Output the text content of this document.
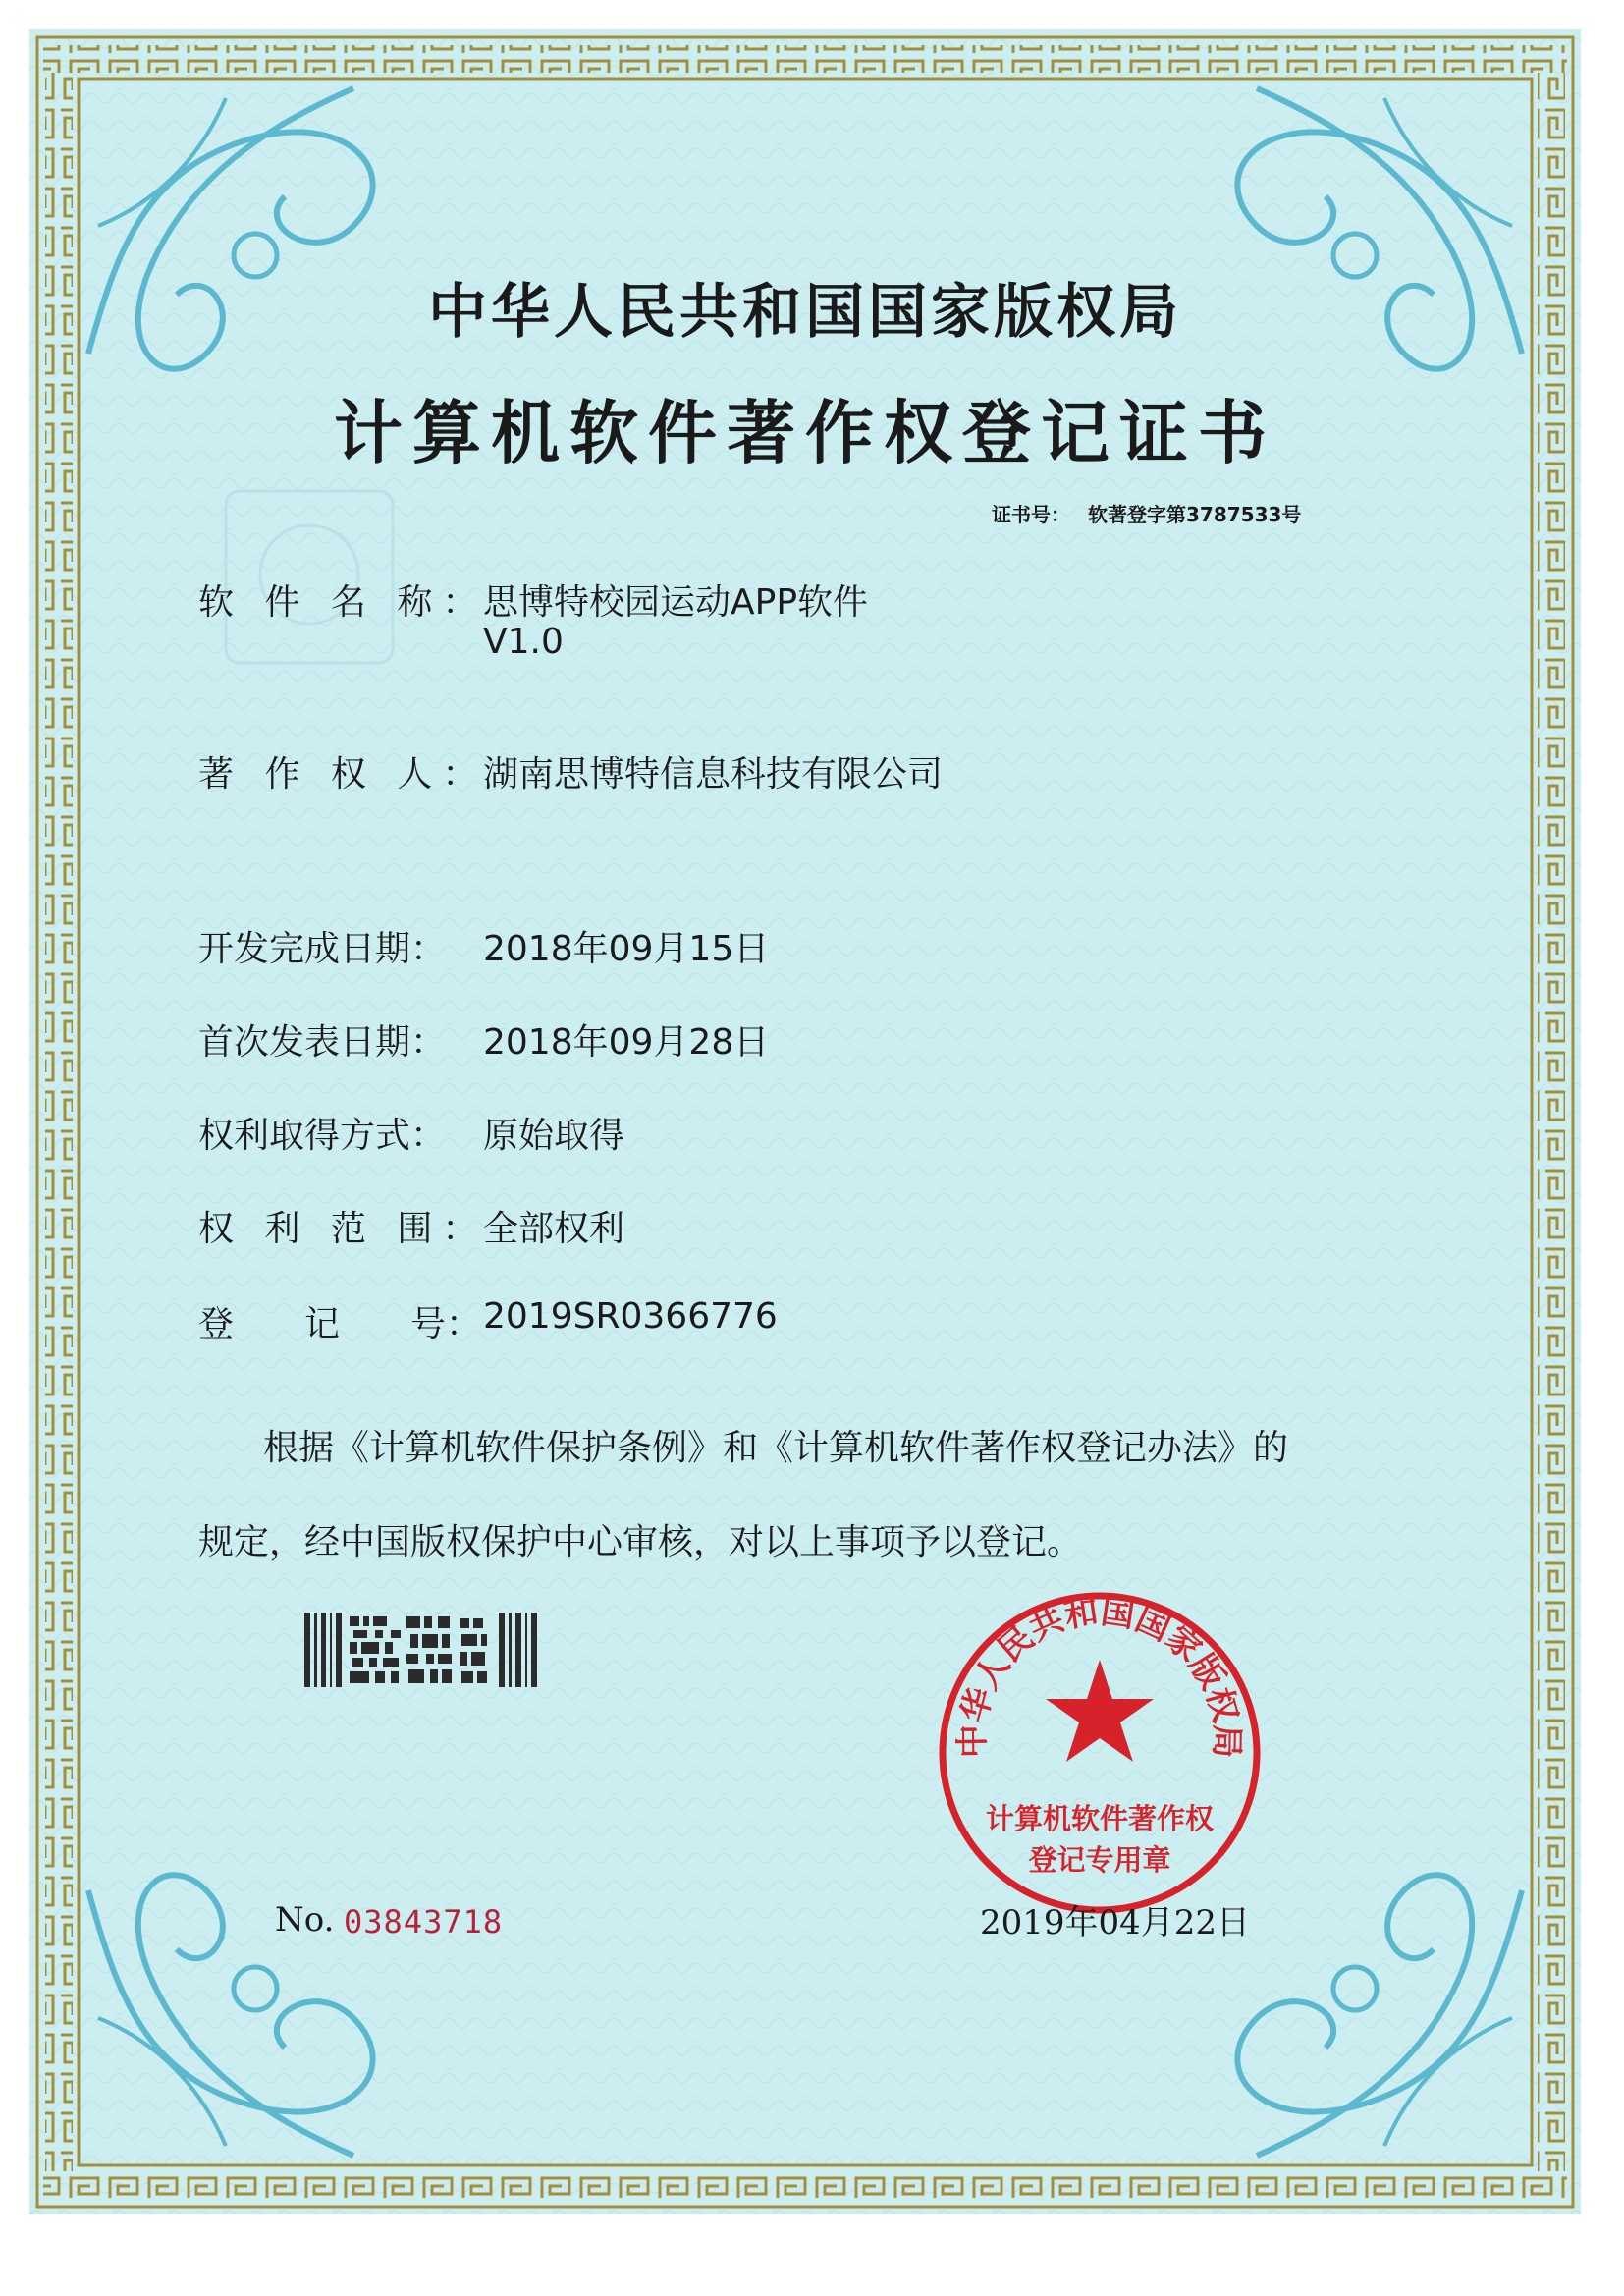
中华人民共和国国家版权局
计算机软件著作权登记证书
证书号： 软著登字第3787533号
软 件 名 称：
思博特校园运动APP软件
V1.0
著 作 权 人：
湖南思博特信息科技有限公司
开发完成日期： 2018年09月15日
首次发表日期： 2018年09月28日
权利取得方式： 原始取得
权 利 范 围：
全部权利
登　　记　　号： 2019SR0366776
根据《计算机软件保护条例》和《计算机软件著作权登记办法》的
规定，经中国版权保护中心审核，对以上事项予以登记。
中华人民共和国国家版权局
计算机软件著作权
登记专用章
No. 03843718	2019年04月22日
